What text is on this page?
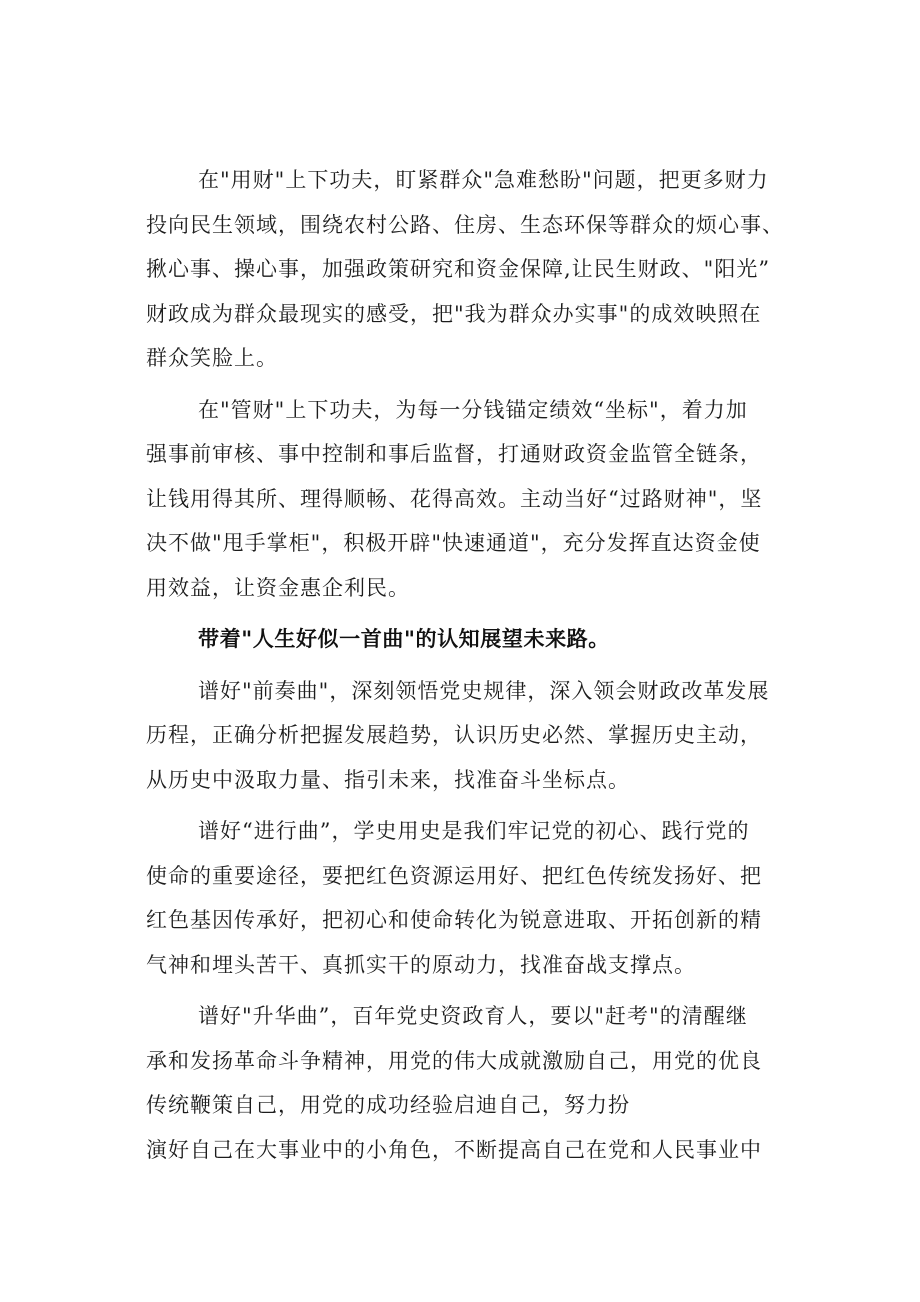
在"用财"上下功夫，盯紧群众"急难愁盼"问题，把更多财力
投向民生领域，围绕农村公路、住房、生态环保等群众的烦心事、
揪心事、操心事，加强政策研究和资金保障,让民生财政、"阳光”
财政成为群众最现实的感受，把"我为群众办实事"的成效映照在
群众笑脸上。

在"管财"上下功夫，为每一分钱锚定绩效“坐标"，着力加
强事前审核、事中控制和事后监督，打通财政资金监管全链条，
让钱用得其所、理得顺畅、花得高效。主动当好“过路财神"，坚
决不做"甩手掌柜"，积极开辟"快速通道"，充分发挥直达资金使
用效益，让资金惠企利民。

带着"人生好似一首曲"的认知展望未来路。

谱好"前奏曲"，深刻领悟党史规律，深入领会财政改革发展
历程，正确分析把握发展趋势，认识历史必然、掌握历史主动，
从历史中汲取力量、指引未来，找准奋斗坐标点。

谱好“进行曲”，学史用史是我们牢记党的初心、践行党的
使命的重要途径，要把红色资源运用好、把红色传统发扬好、把
红色基因传承好，把初心和使命转化为锐意进取、开拓创新的精
气神和埋头苦干、真抓实干的原动力，找准奋战支撑点。

谱好"升华曲”，百年党史资政育人，要以"赶考"的清醒继
承和发扬革命斗争精神，用党的伟大成就激励自己，用党的优良
传统鞭策自己，用党的成功经验启迪自己，努力扮
演好自己在大事业中的小角色，不断提高自己在党和人民事业中
